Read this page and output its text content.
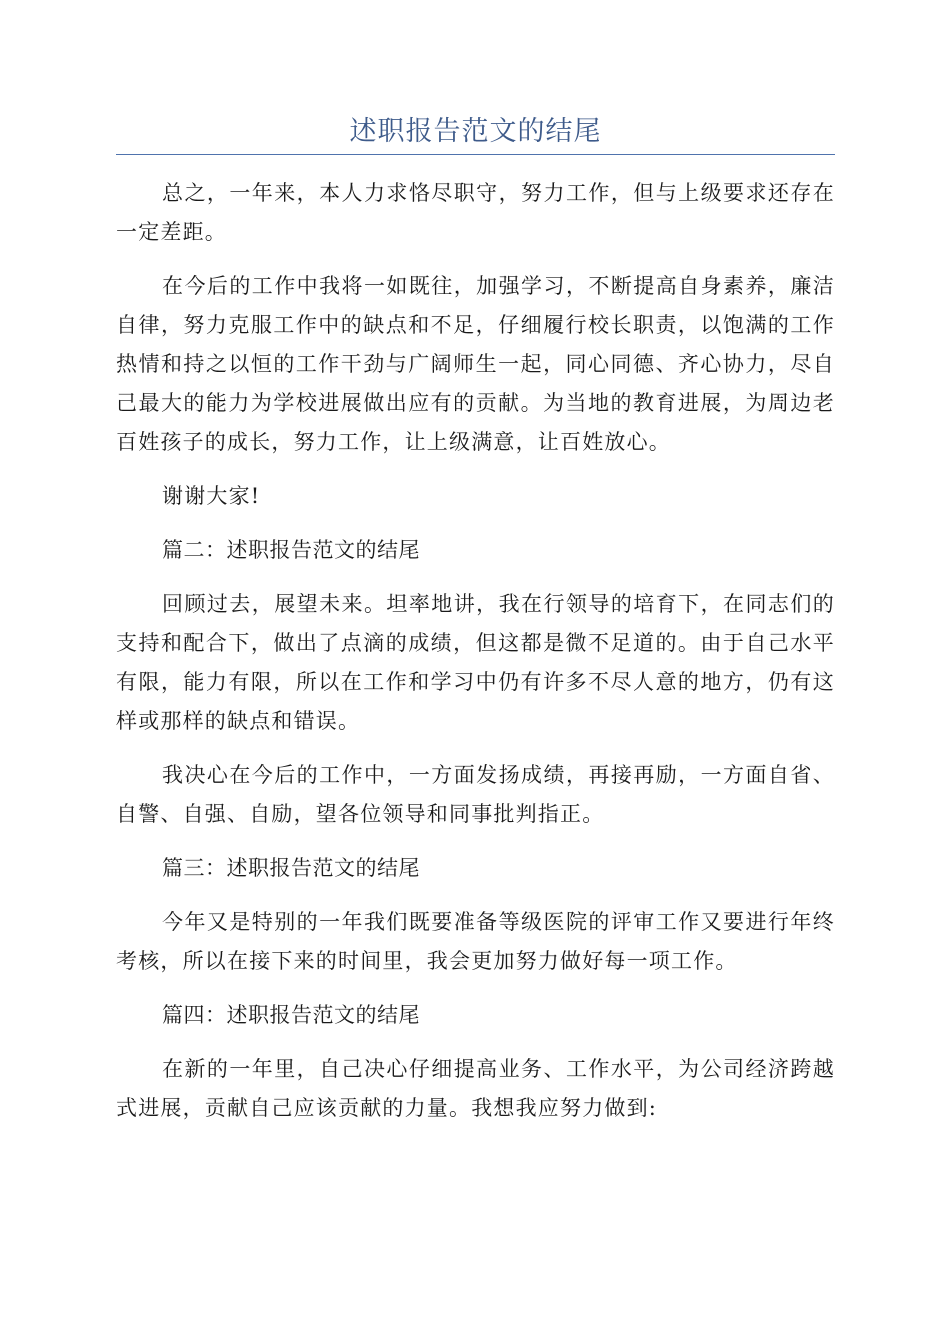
述职报告范文的结尾

总之，一年来，本人力求恪尽职守，努力工作，但与上级要求还存在一定差距。

在今后的工作中我将一如既往，加强学习，不断提高自身素养，廉洁自律，努力克服工作中的缺点和不足，仔细履行校长职责，以饱满的工作热情和持之以恒的工作干劲与广阔师生一起，同心同德、齐心协力，尽自己最大的能力为学校进展做出应有的贡献。为当地的教育进展，为周边老百姓孩子的成长，努力工作，让上级满意，让百姓放心。

谢谢大家!

篇二：述职报告范文的结尾

回顾过去，展望未来。坦率地讲，我在行领导的培育下，在同志们的支持和配合下，做出了点滴的成绩，但这都是微不足道的。由于自己水平有限，能力有限，所以在工作和学习中仍有许多不尽人意的地方，仍有这样或那样的缺点和错误。

我决心在今后的工作中，一方面发扬成绩，再接再励，一方面自省、自警、自强、自励，望各位领导和同事批判指正。

篇三：述职报告范文的结尾

今年又是特别的一年我们既要准备等级医院的评审工作又要进行年终考核，所以在接下来的时间里，我会更加努力做好每一项工作。

篇四：述职报告范文的结尾

在新的一年里，自己决心仔细提高业务、工作水平，为公司经济跨越式进展，贡献自己应该贡献的力量。我想我应努力做到:
